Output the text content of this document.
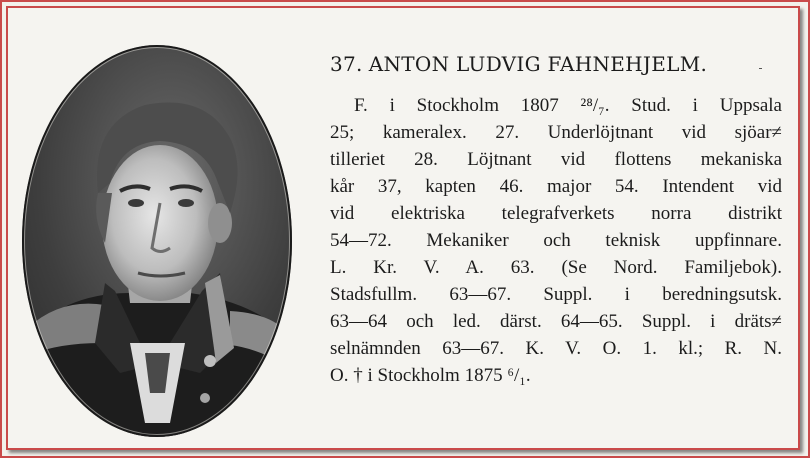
37. ANTON LUDVIG FAHNEHJELM.
F. i Stockholm 1807 ²⁸/₇. Stud. i Uppsala
25; kameralex. 27. Underlöjtnant vid sjöar≠
tilleriet 28. Löjtnant vid flottens mekaniska
kår 37, kapten 46. major 54. Intendent vid
vid elektriska telegrafverkets norra distrikt
54—72. Mekaniker och teknisk uppfinnare.
L. Kr. V. A. 63. (Se Nord. Familjebok).
Stadsfullm. 63—67. Suppl. i beredningsutsk.
63—64 och led. därst. 64—65. Suppl. i dräts≠
selnämnden 63—67. K. V. O. 1. kl.; R. N.
O. † i Stockholm 1875 ⁶/₁.
